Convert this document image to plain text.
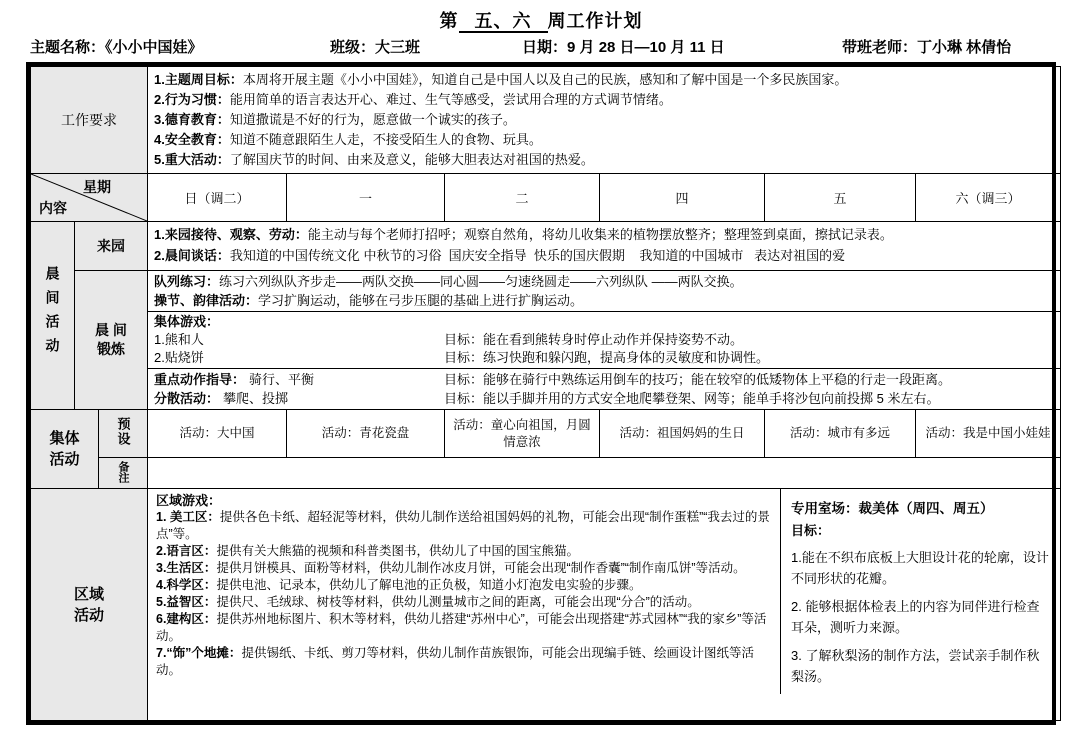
第 五、六 周工作计划
主题名称：《小小中国娃》	班级：大三班	日期：9 月 28 日—10 月 11 日	带班老师：丁小琳 林倩怡
工作要求			1.主题周目标：本周将开展主题《小小中国娃》，知道自己是中国人以及自己的民族，感知和了解中国是一个多民族国家。

2.行为习惯：能用简单的语言表达开心、难过、生气等感受，尝试用合理的方式调节情绪。

3.德育教育：知道撒谎是不好的行为，愿意做一个诚实的孩子。

4.安全教育：知道不随意跟陌生人走，不接受陌生人的食物、玩具。

5.重大活动：了解国庆节的时间、由来及意义，能够大胆表达对祖国的热爱。					

星期
内容			日（调二）	一	二	四	五	六（调三）
晨间活动	来园		1.来园接待、观察、劳动：能主动与每个老师打招呼；观察自然角，将幼儿收集来的植物摆放整齐；整理签到桌面，擦拭记录表。

2.晨间谈话：我知道的中国传统文化 中秋节的习俗  国庆安全指导  快乐的国庆假期    我知道的中国城市   表达对祖国的爱					

晨 间
锻炼

队列练习：练习六列纵队齐步走——两队交换——同心圆——匀速绕圆走——六列纵队 ——两队交换。

操节、韵律活动：学习扩胸运动，能够在弓步压腿的基础上进行扩胸运动。

集体游戏：

1.熊和人	目标：能在看到熊转身时停止动作并保持姿势不动。

2.贴烧饼	目标：练习快跑和躲闪跑，提高身体的灵敏度和协调性。

重点动作指导： 骑行、平衡	目标：能够在骑行中熟练运用倒车的技巧；能在较窄的低矮物体上平稳的行走一段距离。

分散活动： 攀爬、投掷	目标：能以手脚并用的方式安全地爬攀登架、网等；能单手将沙包向前投掷 5 米左右。

集体
活动		预设	活动：大中国	活动：青花瓷盘	活动：童心向祖国，月圆情意浓	活动：祖国妈妈的生日	活动：城市有多远	活动：我是中国小娃娃
		备注						

区域
活动

区域游戏：

1. 美工区：提供各色卡纸、超轻泥等材料，供幼儿制作送给祖国妈妈的礼物，可能会出现“制作蛋糕”“我去过的景点”等。

2.语言区：提供有关大熊猫的视频和科普类图书，供幼儿了中国的国宝熊猫。

3.生活区：提供月饼模具、面粉等材料，供幼儿制作冰皮月饼，可能会出现“制作香囊”“制作南瓜饼”等活动。

4.科学区：提供电池、记录本，供幼儿了解电池的正负极，知道小灯泡发电实验的步骤。

5.益智区：提供尺、毛绒球、树枝等材料，供幼儿测量城市之间的距离，可能会出现“分合”的活动。

6.建构区：提供苏州地标图片、积木等材料，供幼儿搭建“苏州中心”，可能会出现搭建“苏式园林”“我的家乡”等活动。

7.“饰”个地摊：提供锡纸、卡纸、剪刀等材料，供幼儿制作苗族银饰，可能会出现编手链、绘画设计图纸等活动。

专用室场：裁美体（周四、周五）

目标：

1.能在不织布底板上大胆设计花的轮廓，设计不同形状的花瓣。

2. 能够根据体检表上的内容为同伴进行检查耳朵，测听力来源。

3. 了解秋梨汤的制作方法，尝试亲手制作秋梨汤。
